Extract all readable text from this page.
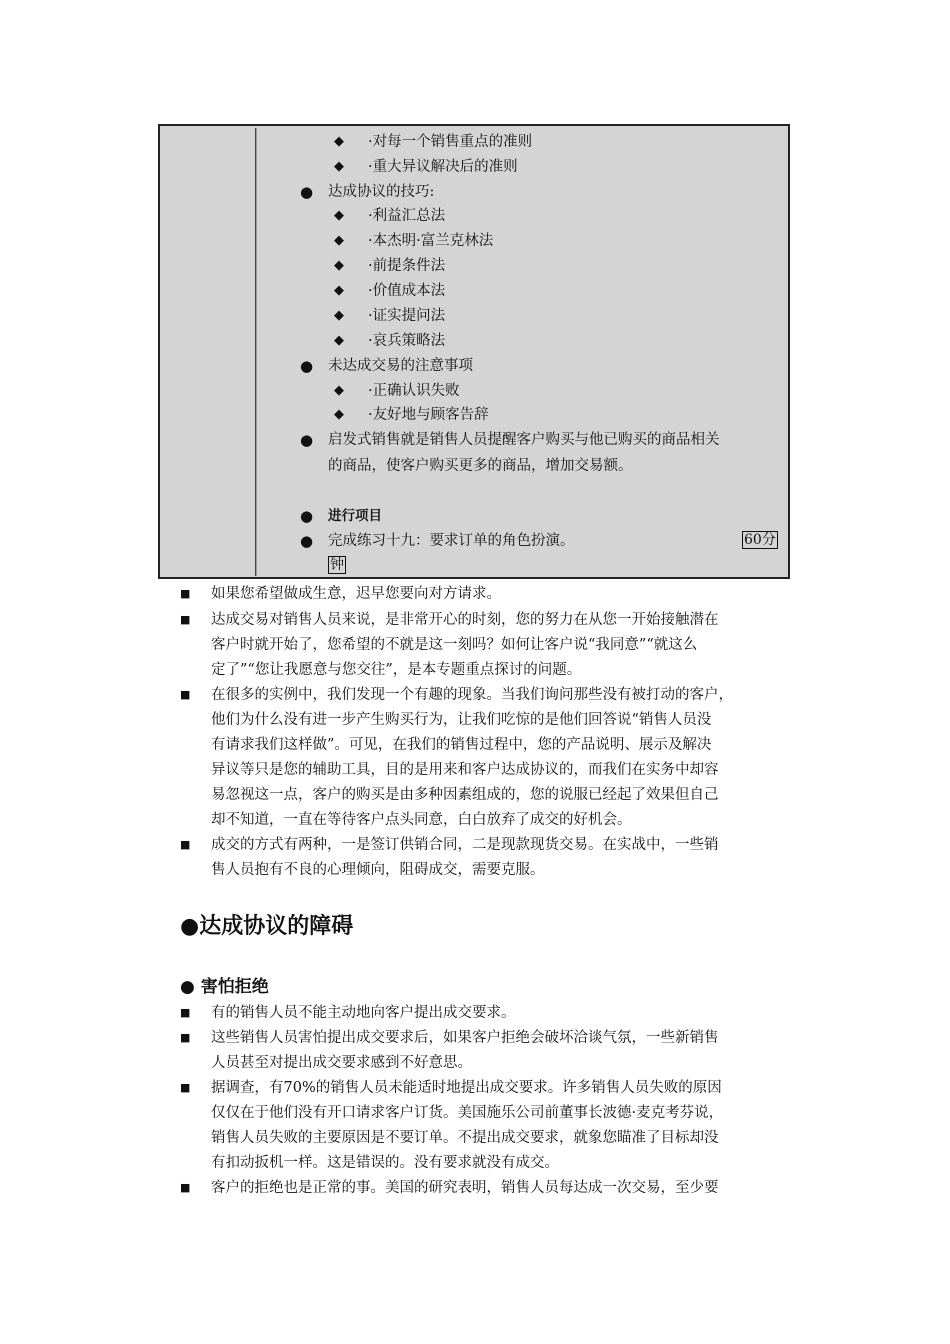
◆ ·对每一个销售重点的准则
◆ ·重大异议解决后的准则
● 达成协议的技巧:
◆ ·利益汇总法
◆ ·本杰明·富兰克林法
◆ ·前提条件法
◆ ·价值成本法
◆ ·证实提问法
◆ ·哀兵策略法
● 未达成交易的注意事项
◆ ·正确认识失败
◆ ·友好地与顾客告辞
● 启发式销售就是销售人员提醒客户购买与他已购买的商品相关
的商品，使客户购买更多的商品，增加交易额。
● 进行项目
● 完成练习十九：要求订单的角色扮演。	60分
钟
■ 如果您希望做成生意，迟早您要向对方请求。
■ 达成交易对销售人员来说，是非常开心的时刻，您的努力在从您一开始接触潜在
客户时就开始了，您希望的不就是这一刻吗？如何让客户说“我同意”“就这么
定了”“您让我愿意与您交往”，是本专题重点探讨的问题。
■ 在很多的实例中，我们发现一个有趣的现象。当我们询问那些没有被打动的客户，
他们为什么没有进一步产生购买行为，让我们吃惊的是他们回答说“销售人员没
有请求我们这样做”。可见，在我们的销售过程中，您的产品说明、展示及解决
异议等只是您的辅助工具，目的是用来和客户达成协议的，而我们在实务中却容
易忽视这一点，客户的购买是由多种因素组成的，您的说服已经起了效果但自己
却不知道，一直在等待客户点头同意，白白放弃了成交的好机会。
■ 成交的方式有两种，一是签订供销合同，二是现款现货交易。在实战中，一些销
售人员抱有不良的心理倾向，阻碍成交，需要克服。
●达成协议的障碍
● 害怕拒绝
■ 有的销售人员不能主动地向客户提出成交要求。
■ 这些销售人员害怕提出成交要求后，如果客户拒绝会破坏洽谈气氛，一些新销售
人员甚至对提出成交要求感到不好意思。
■ 据调查，有70%的销售人员未能适时地提出成交要求。许多销售人员失败的原因
仅仅在于他们没有开口请求客户订货。美国施乐公司前董事长波德·麦克考芬说，
销售人员失败的主要原因是不要订单。不提出成交要求，就象您瞄准了目标却没
有扣动扳机一样。这是错误的。没有要求就没有成交。
■ 客户的拒绝也是正常的事。美国的研究表明，销售人员每达成一次交易，至少要
